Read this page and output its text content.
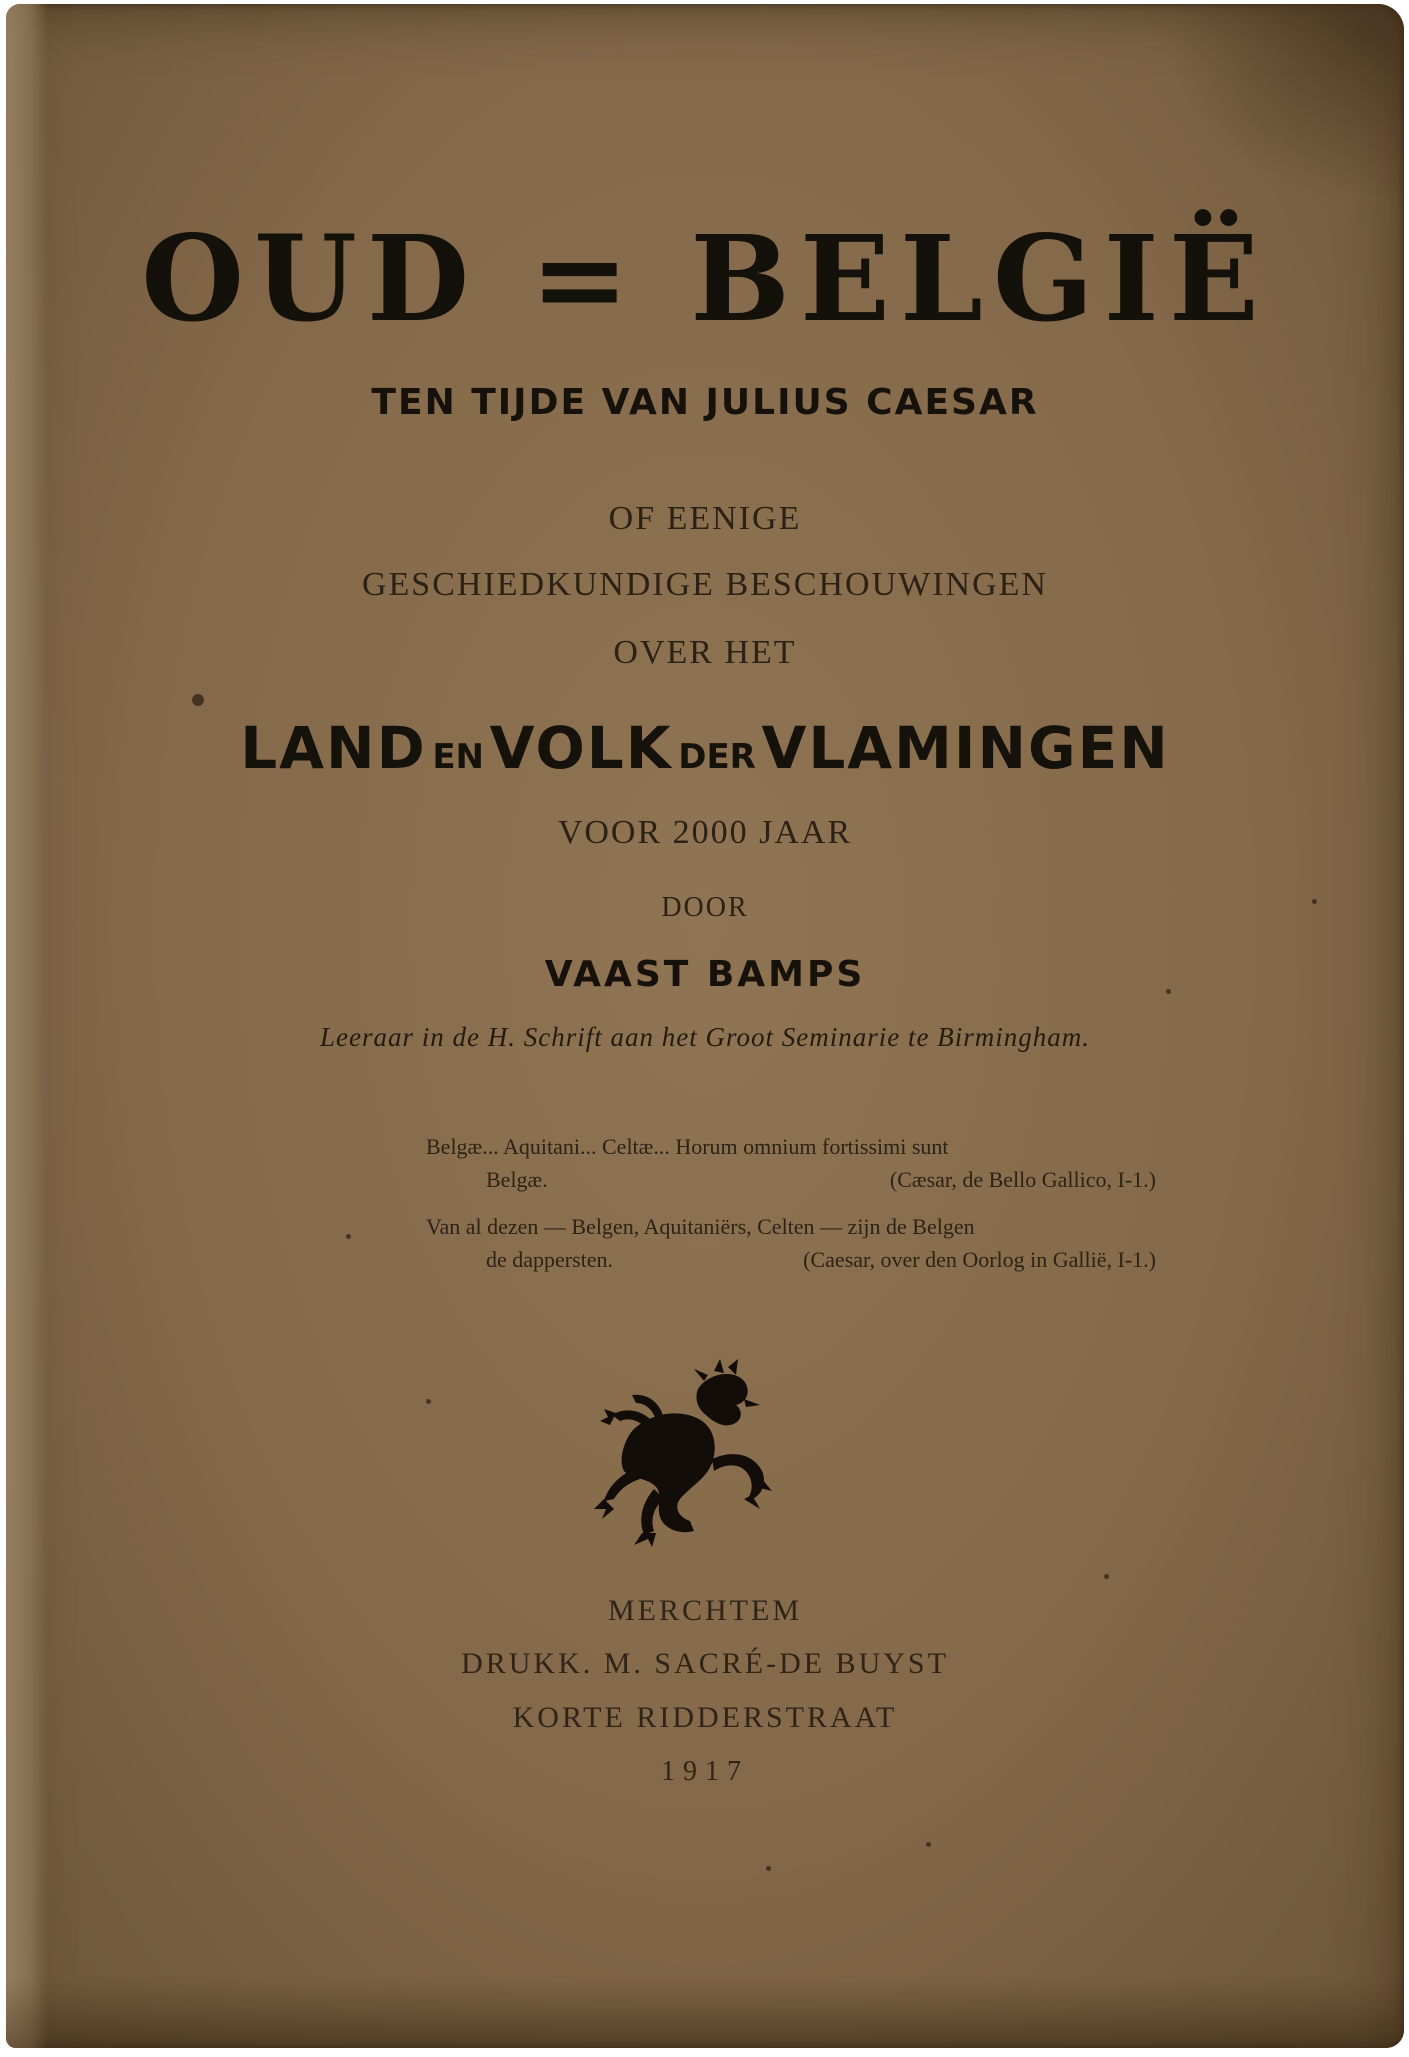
OUD = BELGIË
TEN TIJDE VAN JULIUS CAESAR
OF EENIGE
GESCHIEDKUNDIGE BESCHOUWINGEN
OVER HET
LAND EN VOLK DER VLAMINGEN
VOOR 2000 JAAR
DOOR
VAAST BAMPS
Leeraar in de H. Schrift aan het Groot Seminarie te Birmingham.
Belgæ... Aquitani... Celtæ... Horum omnium fortissimi sunt
Belgæ.	(Cæsar, de Bello Gallico, I-1.)
Van al dezen — Belgen, Aquitaniërs, Celten — zijn de Belgen
de dappersten.	(Caesar, over den Oorlog in Gallië, I-1.)
MERCHTEM
DRUKK. M. SACRÉ-DE BUYST
KORTE RIDDERSTRAAT
1917
